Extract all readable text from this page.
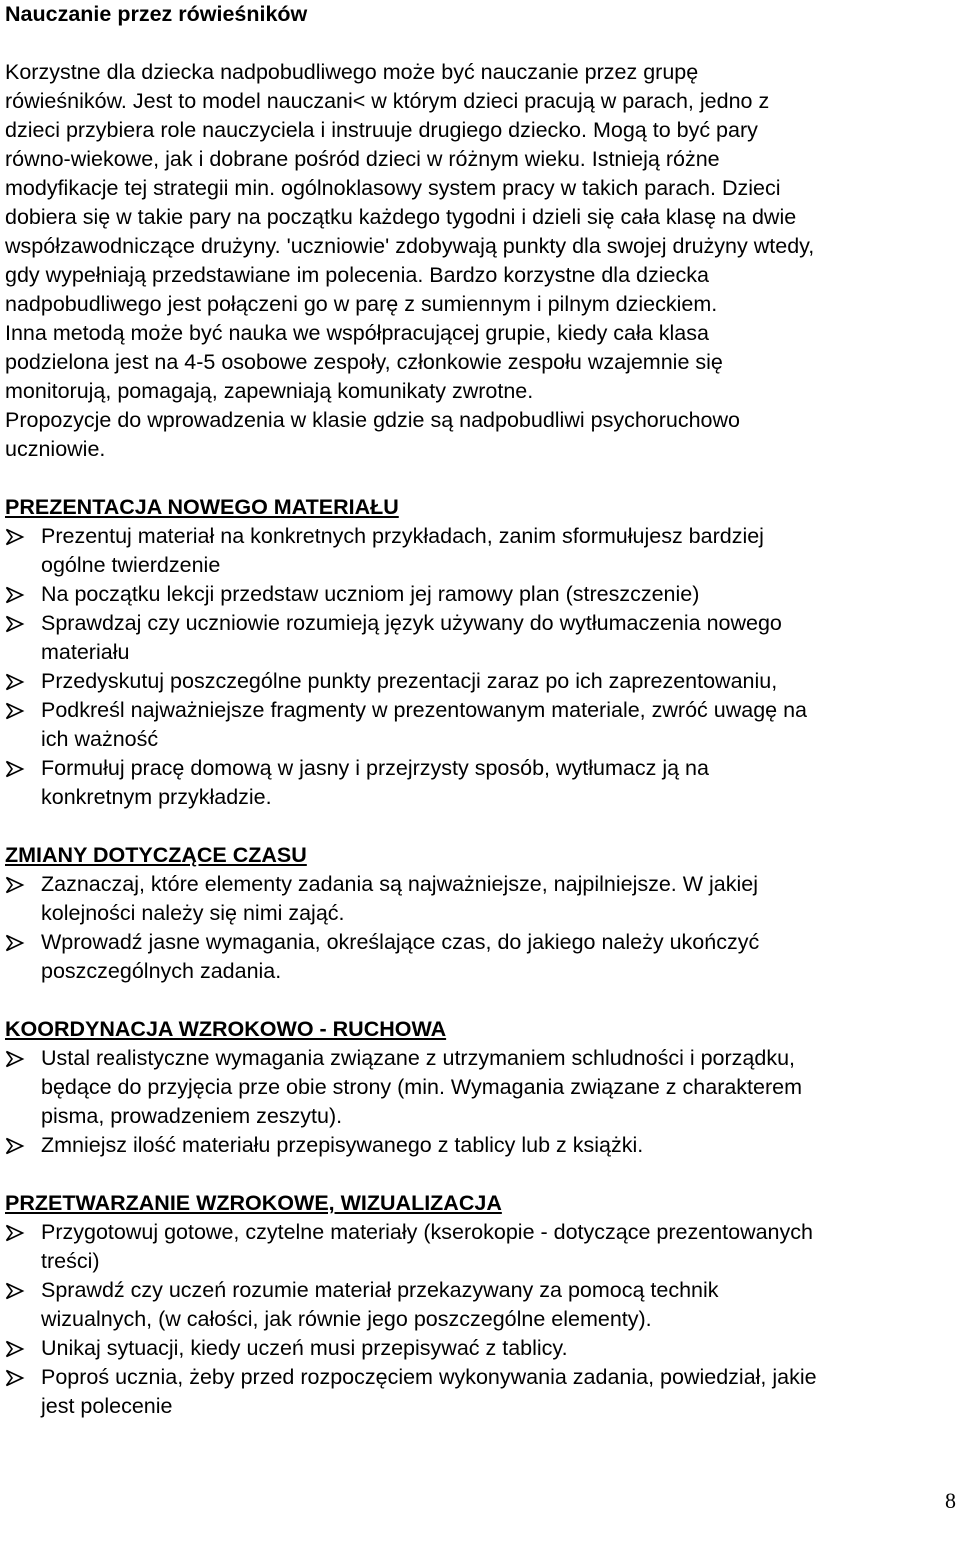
Nauczanie przez rówieśników
Korzystne dla dziecka nadpobudliwego może być nauczanie przez grupę
rówieśników. Jest to model nauczani< w którym dzieci pracują w parach, jedno z
dzieci przybiera role nauczyciela i instruuje drugiego dziecko. Mogą to być pary
równo-wiekowe, jak i dobrane pośród dzieci w różnym wieku. Istnieją różne
modyfikacje tej strategii min. ogólnoklasowy system pracy w takich parach. Dzieci
dobiera się w takie pary na początku każdego tygodni i dzieli się cała klasę na dwie
współzawodniczące drużyny. 'uczniowie' zdobywają punkty dla swojej drużyny wtedy,
gdy wypełniają przedstawiane im polecenia. Bardzo korzystne dla dziecka
nadpobudliwego jest połączeni go w parę z sumiennym i pilnym dzieckiem.
Inna metodą może być nauka we współpracującej grupie, kiedy cała klasa
podzielona jest na 4-5 osobowe zespoły, członkowie zespołu wzajemnie się
monitorują, pomagają, zapewniają komunikaty zwrotne.
Propozycje do wprowadzenia w klasie gdzie są nadpobudliwi psychoruchowo
uczniowie.
PREZENTACJA NOWEGO MATERIAŁU
Prezentuj materiał na konkretnych przykładach, zanim sformułujesz bardziej
ogólne twierdzenie
Na początku lekcji przedstaw uczniom jej ramowy plan (streszczenie)
Sprawdzaj czy uczniowie rozumieją język używany do wytłumaczenia nowego
materiału
Przedyskutuj poszczególne punkty prezentacji zaraz po ich zaprezentowaniu,
Podkreśl najważniejsze fragmenty w prezentowanym materiale, zwróć uwagę na
ich ważność
Formułuj pracę domową w jasny i przejrzysty sposób, wytłumacz ją na
konkretnym przykładzie.
ZMIANY DOTYCZĄCE CZASU
Zaznaczaj, które elementy zadania są najważniejsze, najpilniejsze. W jakiej
kolejności należy się nimi zająć.
Wprowadź jasne wymagania, określające czas, do jakiego należy ukończyć
poszczególnych zadania.
KOORDYNACJA WZROKOWO - RUCHOWA
Ustal realistyczne wymagania związane z utrzymaniem schludności i porządku,
będące do przyjęcia prze obie strony (min. Wymagania związane z charakterem
pisma, prowadzeniem zeszytu).
Zmniejsz ilość materiału przepisywanego z tablicy lub z książki.
PRZETWARZANIE WZROKOWE, WIZUALIZACJA
Przygotowuj gotowe, czytelne materiały (kserokopie - dotyczące prezentowanych
treści)
Sprawdź czy uczeń rozumie materiał przekazywany za pomocą technik
wizualnych, (w całości, jak równie jego poszczególne elementy).
Unikaj sytuacji, kiedy uczeń musi przepisywać z tablicy.
Poproś ucznia, żeby przed rozpoczęciem wykonywania zadania, powiedział, jakie
jest polecenie
8
